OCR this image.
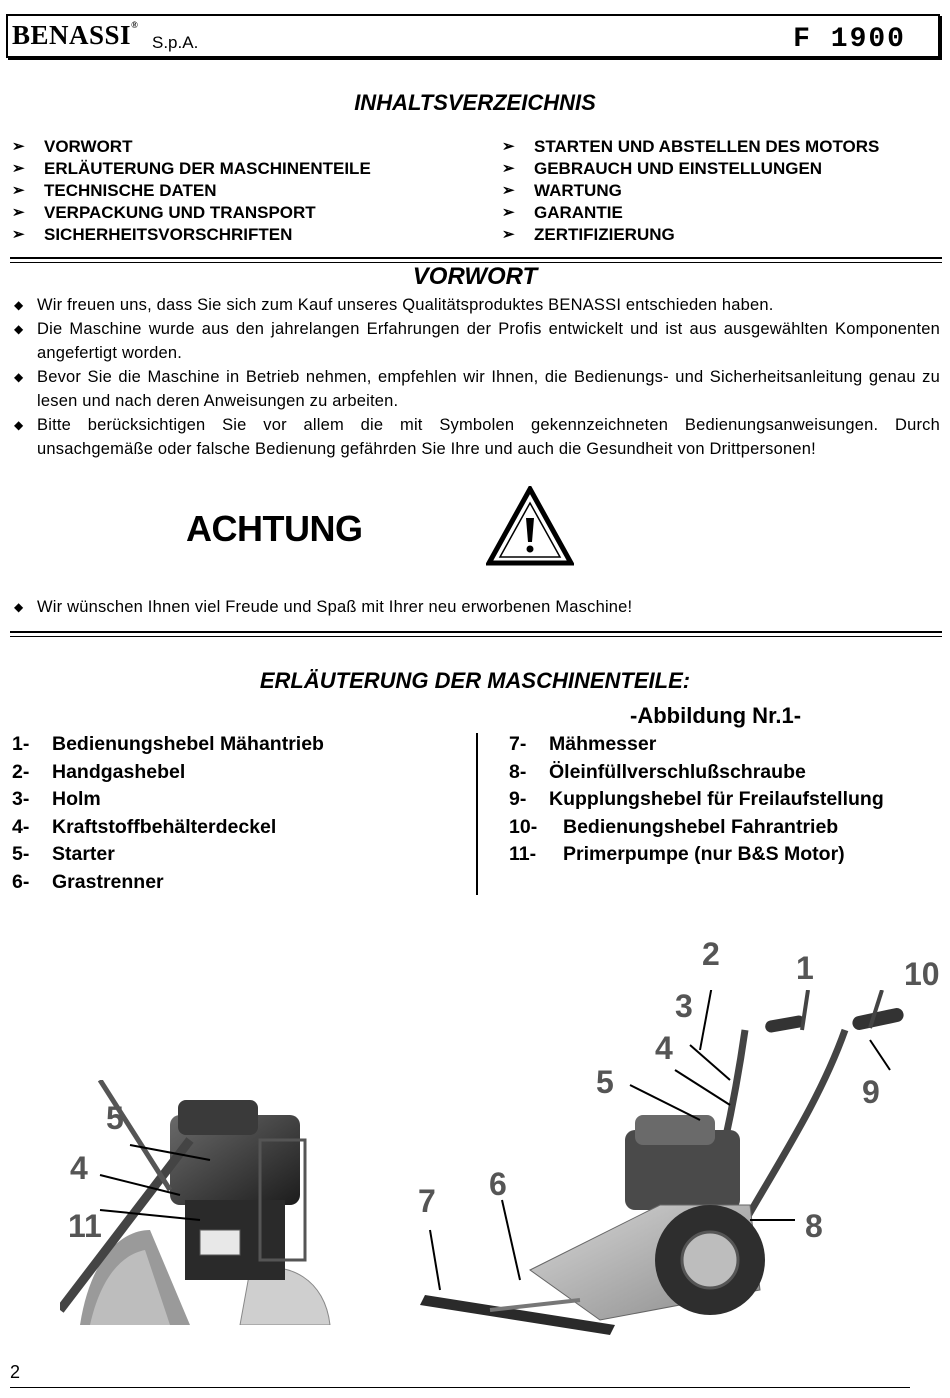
BENASSI®
S.p.A.	F 1900
INHALTSVERZEICHNIS
➢	VORWORT
➢	ERLÄUTERUNG DER MASCHINENTEILE
➢	TECHNISCHE DATEN
➢	VERPACKUNG UND TRANSPORT
➢	SICHERHEITSVORSCHRIFTEN
➢	STARTEN UND ABSTELLEN DES MOTORS
➢	GEBRAUCH UND EINSTELLUNGEN
➢	WARTUNG
➢	GARANTIE
➢	ZERTIFIZIERUNG
VORWORT
◆ Wir freuen uns, dass Sie sich zum Kauf unseres Qualitätsproduktes BENASSI entschieden haben.
◆ Die Maschine wurde aus den jahrelangen Erfahrungen der Profis entwickelt und ist aus ausgewählten Komponenten angefertigt worden.
◆ Bevor Sie die Maschine in Betrieb nehmen, empfehlen wir Ihnen, die Bedienungs- und Sicherheitsanleitung genau zu lesen und nach deren Anweisungen zu arbeiten.
◆ Bitte berücksichtigen Sie vor allem die mit Symbolen gekennzeichneten Bedienungsanweisungen. Durch unsachgemäße oder falsche Bedienung gefährden Sie Ihre und auch die Gesundheit von Drittpersonen!
ACHTUNG
◆ Wir wünschen Ihnen viel Freude und Spaß mit Ihrer neu erworbenen Maschine!
ERLÄUTERUNG DER MASCHINENTEILE:
-Abbildung Nr.1-
1-	Bedienungshebel Mähantrieb
2-	Handgashebel
3-	Holm
4-	Kraftstoffbehälterdeckel
5-	Starter
6-	Grastrenner
7-	Mähmesser
8-	Öleinfüllverschlußschraube
9-	Kupplungshebel für Freilaufstellung
10-	Bedienungshebel Fahrantrieb
11-	Primerpumpe (nur B&S Motor)
5
4
11
2 1	10
3
4
5	9
6
7
8
2
